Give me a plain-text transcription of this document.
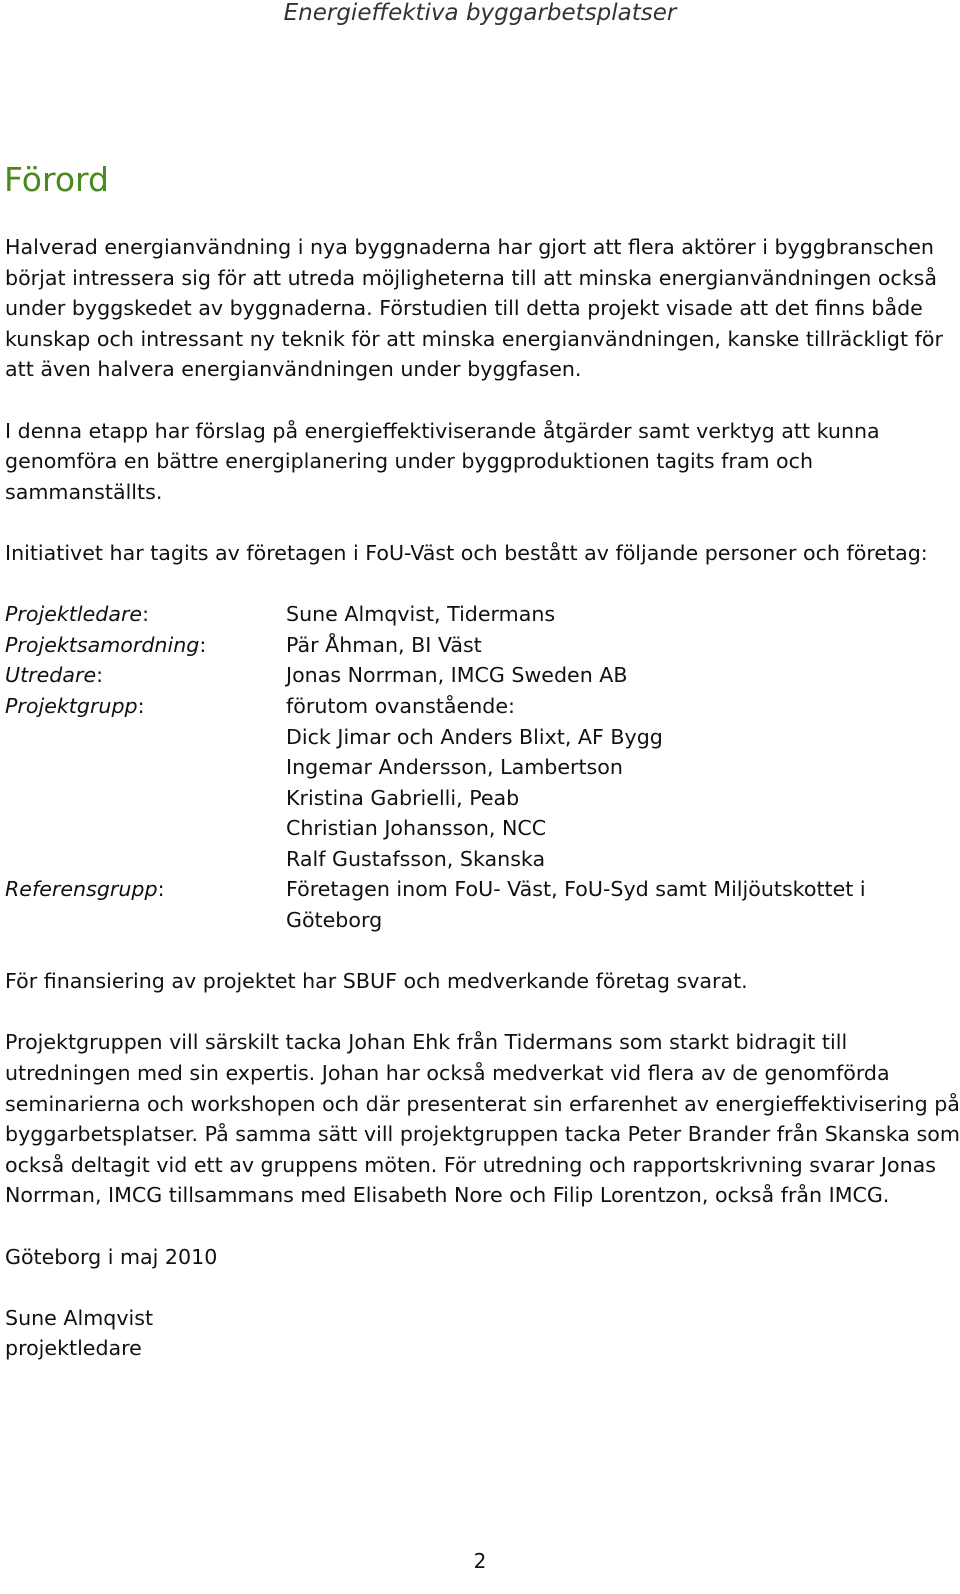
Energieffektiva byggarbetsplatser
Förord

Halverad energianvändning i nya byggnaderna har gjort att flera aktörer i byggbranschen
börjat intressera sig för att utreda möjligheterna till att minska energianvändningen också
under byggskedet av byggnaderna. Förstudien till detta projekt visade att det finns både
kunskap och intressant ny teknik för att minska energianvändningen, kanske tillräckligt för
att även halvera energianvändningen under byggfasen.

I denna etapp har förslag på energieffektiviserande åtgärder samt verktyg att kunna
genomföra en bättre energiplanering under byggproduktionen tagits fram och
sammanställts.

Initiativet har tagits av företagen i FoU-Väst och bestått av följande personer och företag:

Projektledare:	Sune Almqvist, Tidermans
Projektsamordning:	Pär Åhman, BI Väst
Utredare:	Jonas Norrman, IMCG Sweden AB
Projektgrupp:	förutom ovanstående:
Dick Jimar och Anders Blixt, AF Bygg
Ingemar Andersson, Lambertson
Kristina Gabrielli, Peab
Christian Johansson, NCC
Ralf Gustafsson, Skanska
Referensgrupp:	Företagen inom FoU- Väst, FoU-Syd samt Miljöutskottet i
Göteborg

För finansiering av projektet har SBUF och medverkande företag svarat.

Projektgruppen vill särskilt tacka Johan Ehk från Tidermans som starkt bidragit till
utredningen med sin expertis. Johan har också medverkat vid flera av de genomförda
seminarierna och workshopen och där presenterat sin erfarenhet av energieffektivisering på
byggarbetsplatser. På samma sätt vill projektgruppen tacka Peter Brander från Skanska som
också deltagit vid ett av gruppens möten. För utredning och rapportskrivning svarar Jonas
Norrman, IMCG tillsammans med Elisabeth Nore och Filip Lorentzon, också från IMCG.

Göteborg i maj 2010

Sune Almqvist
projektledare
2
